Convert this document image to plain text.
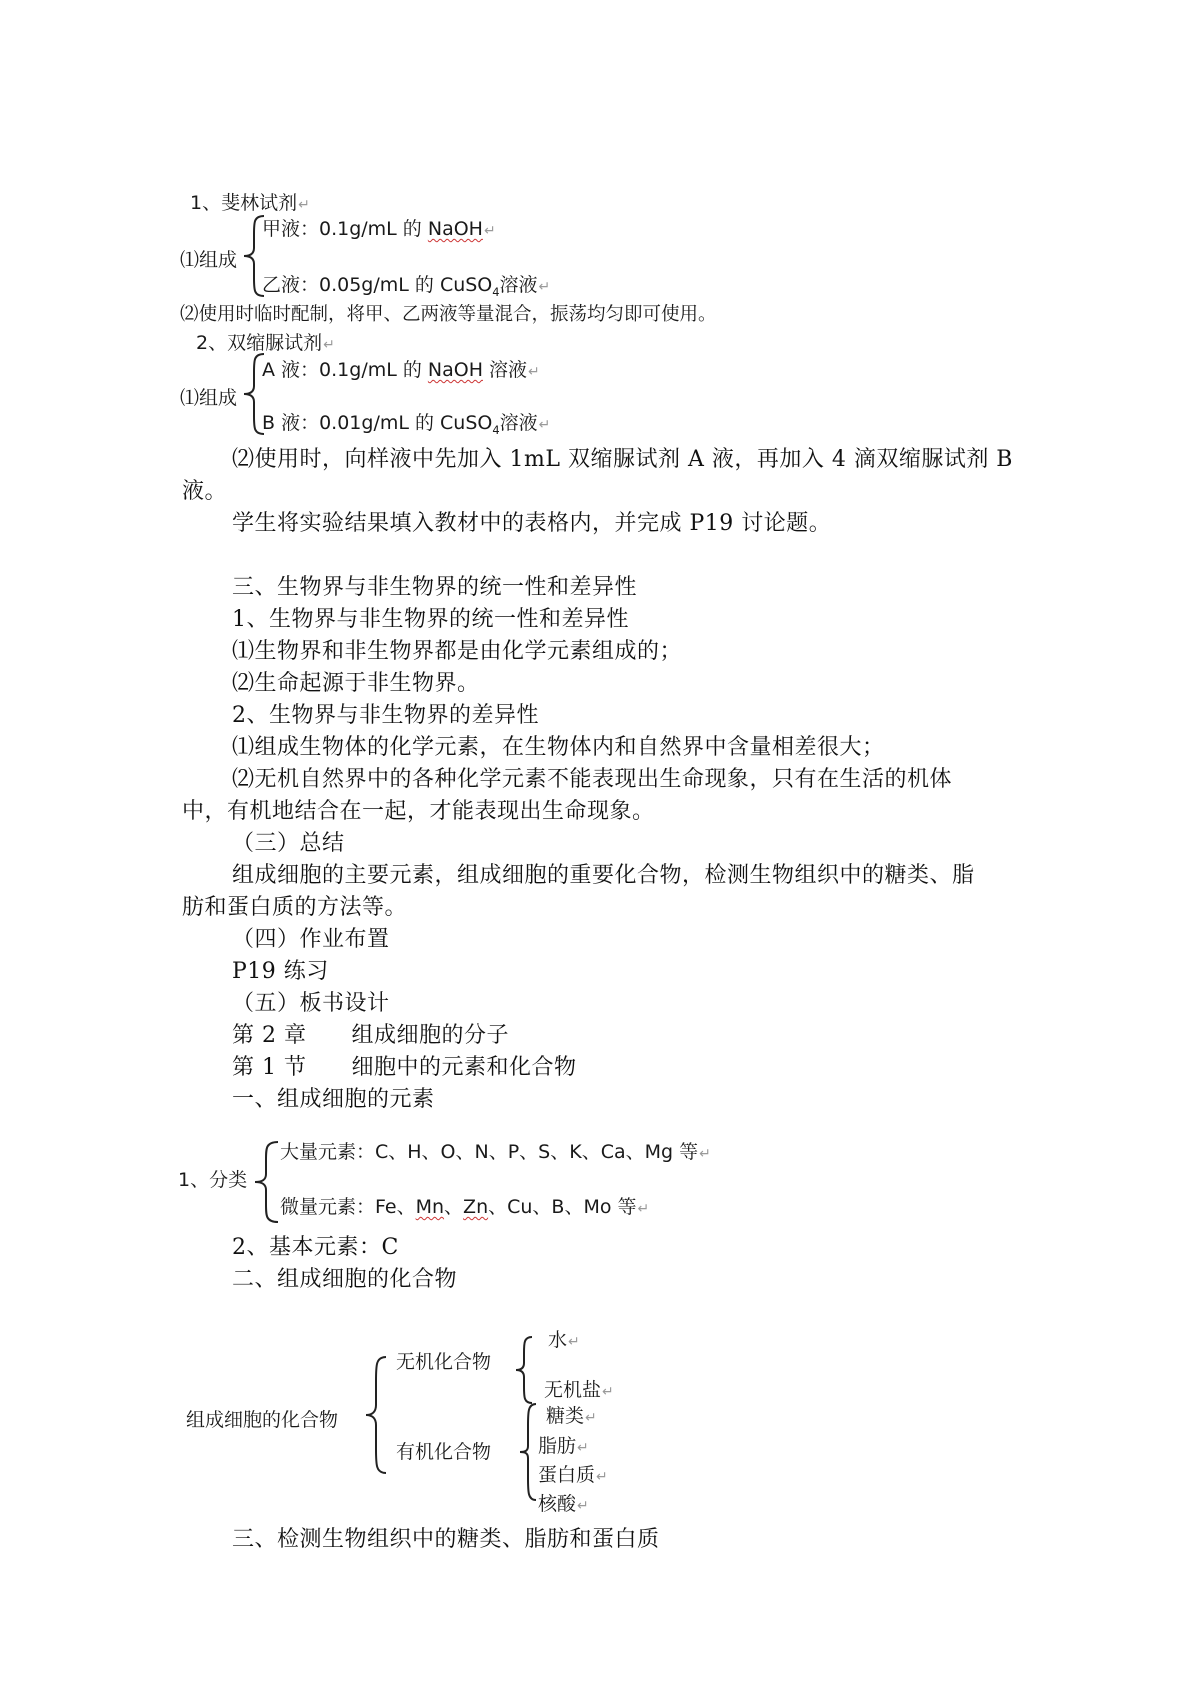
1、斐林试剂↵
⑴组成
甲液：0.1g/mL 的 NaOH↵
乙液：0.05g/mL 的 CuSO$_4$溶液↵
⑵使用时临时配制，将甲、乙两液等量混合，振荡均匀即可使用。
2、双缩脲试剂↵
⑴组成
A 液：0.1g/mL 的 NaOH 溶液↵
B 液：0.01g/mL 的 CuSO$_4$溶液↵
⑵使用时，向样液中先加入 1mL 双缩脲试剂 A 液，再加入 4 滴双缩脲试剂 B
液。
学生将实验结果填入教材中的表格内，并完成 P19 讨论题。
三、生物界与非生物界的统一性和差异性
1、生物界与非生物界的统一性和差异性
⑴生物界和非生物界都是由化学元素组成的；
⑵生命起源于非生物界。
2、生物界与非生物界的差异性
⑴组成生物体的化学元素，在生物体内和自然界中含量相差很大；
⑵无机自然界中的各种化学元素不能表现出生命现象，只有在生活的机体
中，有机地结合在一起，才能表现出生命现象。
（三）总结
组成细胞的主要元素，组成细胞的重要化合物，检测生物组织中的糖类、脂
肪和蛋白质的方法等。
（四）作业布置
P19 练习
（五）板书设计
第 2 章      组成细胞的分子
第 1 节      细胞中的元素和化合物
一、组成细胞的元素
1、分类
大量元素：C、H、O、N、P、S、K、Ca、Mg 等↵
微量元素：Fe、Mn、Zn、Cu、B、Mo 等↵
2、基本元素：C
二、组成细胞的化合物
组成细胞的化合物
无机化合物
水↵
无机盐↵
有机化合物
糖类↵
脂肪↵
蛋白质↵
核酸↵
三、检测生物组织中的糖类、脂肪和蛋白质
